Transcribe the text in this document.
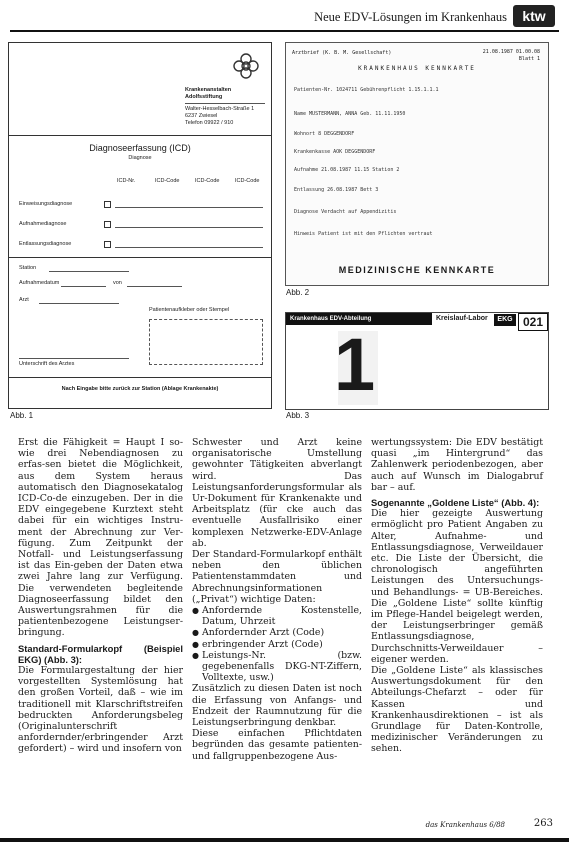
Neue EDV-Lösungen im Krankenhaus	ktw
Krankenanstalten
Adolfsstiftung
Walter-Hesselbach-Straße 1
6237 Zwiesel
Telefon 09922 / 910
Diagnoseerfassung (ICD)
Diagnose
ICD-Nr.	ICD-Code	ICD-Code	ICD-Code
Einweisungsdiagnose
Aufnahmediagnose
Entlassungsdiagnose
Station
Aufnahmedatum	von
Arzt
Patientenaufkleber oder Stempel
Unterschrift des Arztes
Nach Eingabe bitte zurück zur Station (Ablage Krankenakte)
Abb. 1
Arztbrief (K. B. M. Gesellschaft)	21.08.1987 01.00.08
Blatt 1
KRANKENHAUS KENNKARTE
Patienten-Nr. 1024711 Gebührenpflicht 1.15.1.1.1
Name MUSTERMANN, ANNA Geb. 11.11.1950
Wohnort 8 DEGGENDORF
Krankenkasse AOK DEGGENDORF
Aufnahme 21.08.1987 11.15 Station 2
Entlassung 26.08.1987 Bett 3
Diagnose Verdacht auf Appendizitis
Hinweis Patient ist mit den Pflichten vertraut
MEDIZINISCHE KENNKARTE
Abb. 2
Krankenhaus EDV-Abteilung	Kreislauf-Labor	EKG 021
1
Abb. 3

Erst die Fähigkeit = Haupt I so-wie drei Nebendiagnosen zu erfas-sen bietet die Möglichkeit, aus dem System heraus automatisch den Diagnosekatalog ICD-Co-de einzugeben. Der in die EDV eingegebene Kurztext steht dabei für ein wichtiges Instru-ment der Abrechnung zur Ver-fügung. Zum Zeitpunkt der Notfall- und Leistungserfassung ist das Ein-geben der Daten etwa zwei Jahre lang zur Verfügung. Die verwendeten begleitende Diagnoseerfassung bildet den Auswertungsrahmen für die patientenbezogene Leistungser-bringung.

Standard-Formularkopf (Beispiel EKG) (Abb. 3):

Die Formulargestaltung der hier vorgestellten Systemlösung hat den großen Vorteil, daß – wie im traditionell mit Klarschriftstreifen bedruckten Anforderungsbeleg (Originalunterschrift anfordernder/erbringender Arzt gefordert) – wird und insofern von

Schwester und Arzt keine organisatorische Umstellung gewohnter Tätigkeiten abverlangt wird. Das Leistungsanforderungsformular als Ur-Dokument für Krankenakte und Arbeitsplatz (für cke auch das eventuelle Ausfallrisiko einer komplexen Netzwerke-EDV-Anlage ab.

Der Standard-Formularkopf enthält neben den üblichen Patientenstammdaten und Abrechnungsinformationen („Privat“) wichtige Daten:

● Anfordernde Kostenstelle, Datum, Uhrzeit

● Anfordernder Arzt (Code)

● erbringender Arzt (Code)

● Leistungs-Nr. (bzw. gegebenenfalls DKG-NT-Ziffern, Volltexte, usw.)

Zusätzlich zu diesen Daten ist noch die Erfassung von Anfangs- und Endzeit der Raumnutzung für die Leistungserbringung denkbar.

Diese einfachen Pflichtdaten begründen das gesamte patienten- und fallgruppenbezogene Aus-

wertungssystem: Die EDV bestätigt quasi „im Hintergrund“ das Zahlenwerk periodenbezogen, aber auch auf Wunsch im Dialogabruf bar – auf.

Sogenannte „Goldene Liste“ (Abb. 4):

Die hier gezeigte Auswertung ermöglicht pro Patient Angaben zu Alter, Aufnahme- und Entlassungsdiagnose, Verweildauer etc. Die Liste der Übersicht, die chronologisch angeführten Leistungen des Untersuchungs- und Behandlungs- = UB-Bereiches. Die „Goldene Liste“ sollte künftig im Pflege-Handel beigelegt werden, der Leistungserbringer gemäß Entlassungsdiagnose, Durchschnitts-Verweildauer – eigener werden.

Die „Goldene Liste“ als klassisches Auswertungsdokument für den Abteilungs-Chefarzt – oder für Kassen und Krankenhausdirektionen – ist als Grundlage für Daten-Kontrolle, medizinischer Veränderungen zu sehen.

das Krankenhaus 6/88	263
